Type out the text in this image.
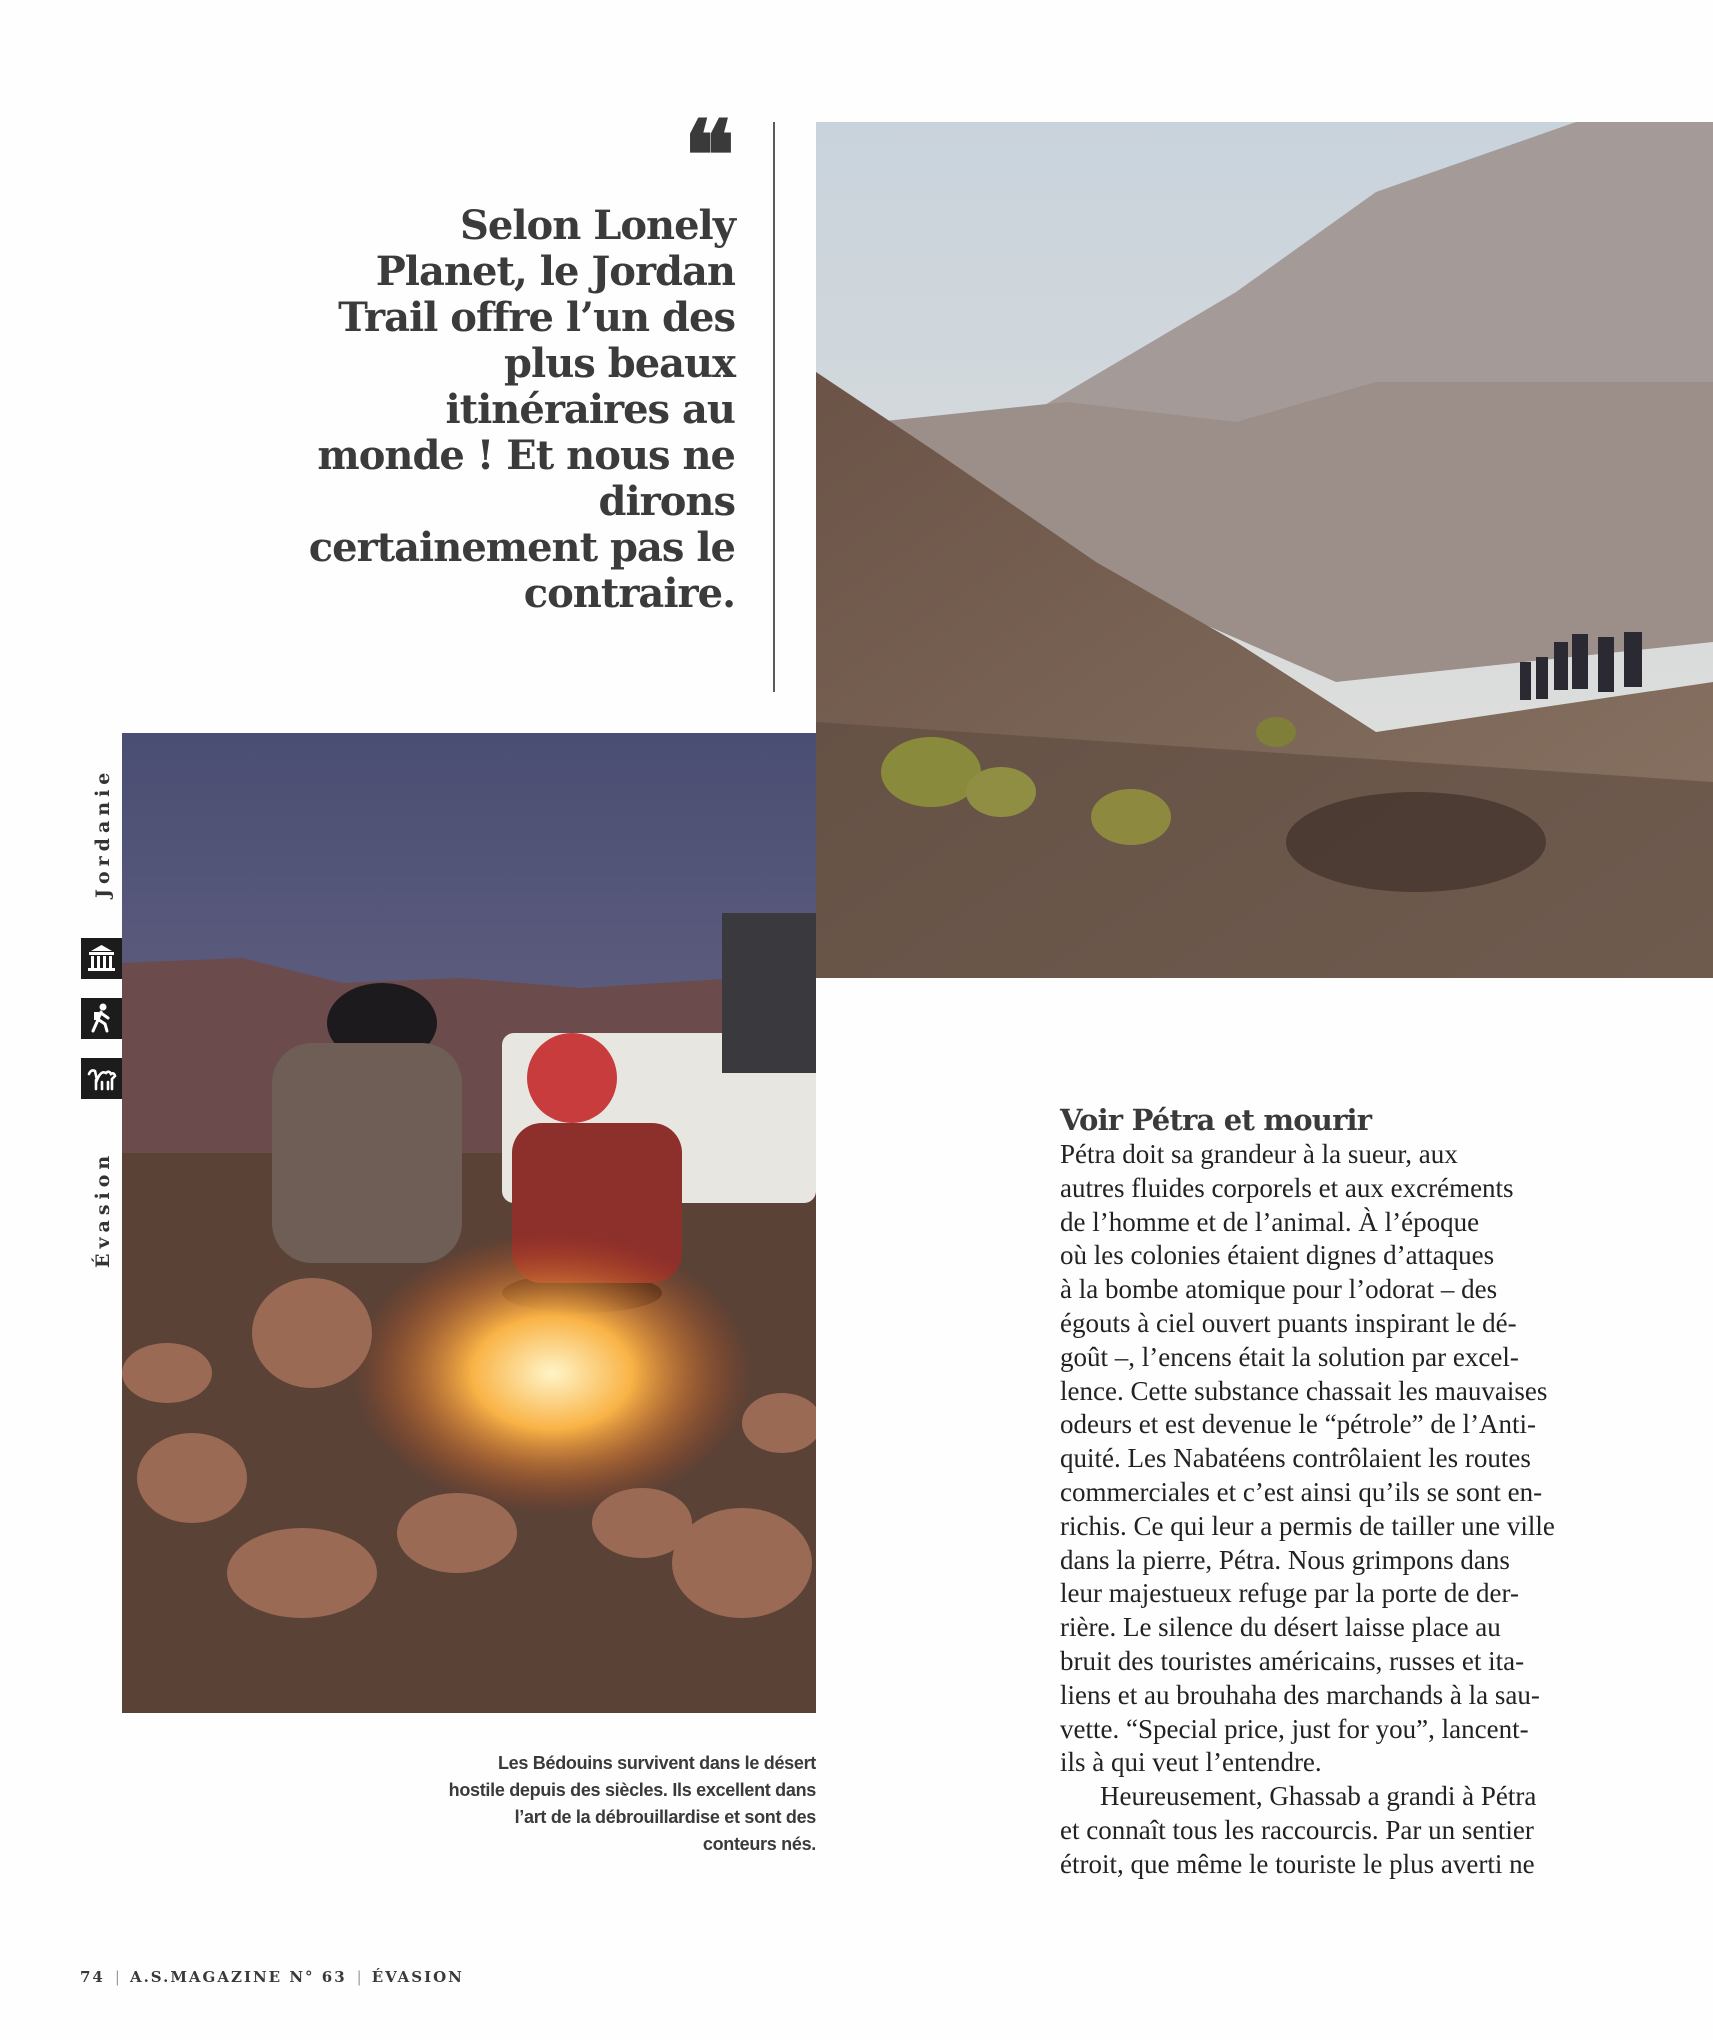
❝
Selon Lonely Planet, le Jordan Trail offre l’un des plus beaux itinéraires au monde ! Et nous ne dirons certainement pas le contraire.
Jordanie
Évasion
Les Bédouins survivent dans le désert hostile depuis des siècles. Ils excellent dans l’art de la débrouillardise et sont des conteurs nés.
Voir Pétra et mourir
Pétra doit sa grandeur à la sueur, aux
autres fluides corporels et aux excréments
de l’homme et de l’animal. À l’époque
où les colonies étaient dignes d’attaques
à la bombe atomique pour l’odorat – des
égouts à ciel ouvert puants inspirant le dé-
goût –, l’encens était la solution par excel-
lence. Cette substance chassait les mauvaises
odeurs et est devenue le “pétrole” de l’Anti-
quité. Les Nabatéens contrôlaient les routes
commerciales et c’est ainsi qu’ils se sont en-
richis. Ce qui leur a permis de tailler une ville
dans la pierre, Pétra. Nous grimpons dans
leur majestueux refuge par la porte de der-
rière. Le silence du désert laisse place au
bruit des touristes américains, russes et ita-
liens et au brouhaha des marchands à la sau-
vette. “Special price, just for you”, lancent-
ils à qui veut l’entendre.
Heureusement, Ghassab a grandi à Pétra
et connaît tous les raccourcis. Par un sentier
étroit, que même le touriste le plus averti ne
74 | A.S.MAGAZINE N° 63 | ÉVASION
